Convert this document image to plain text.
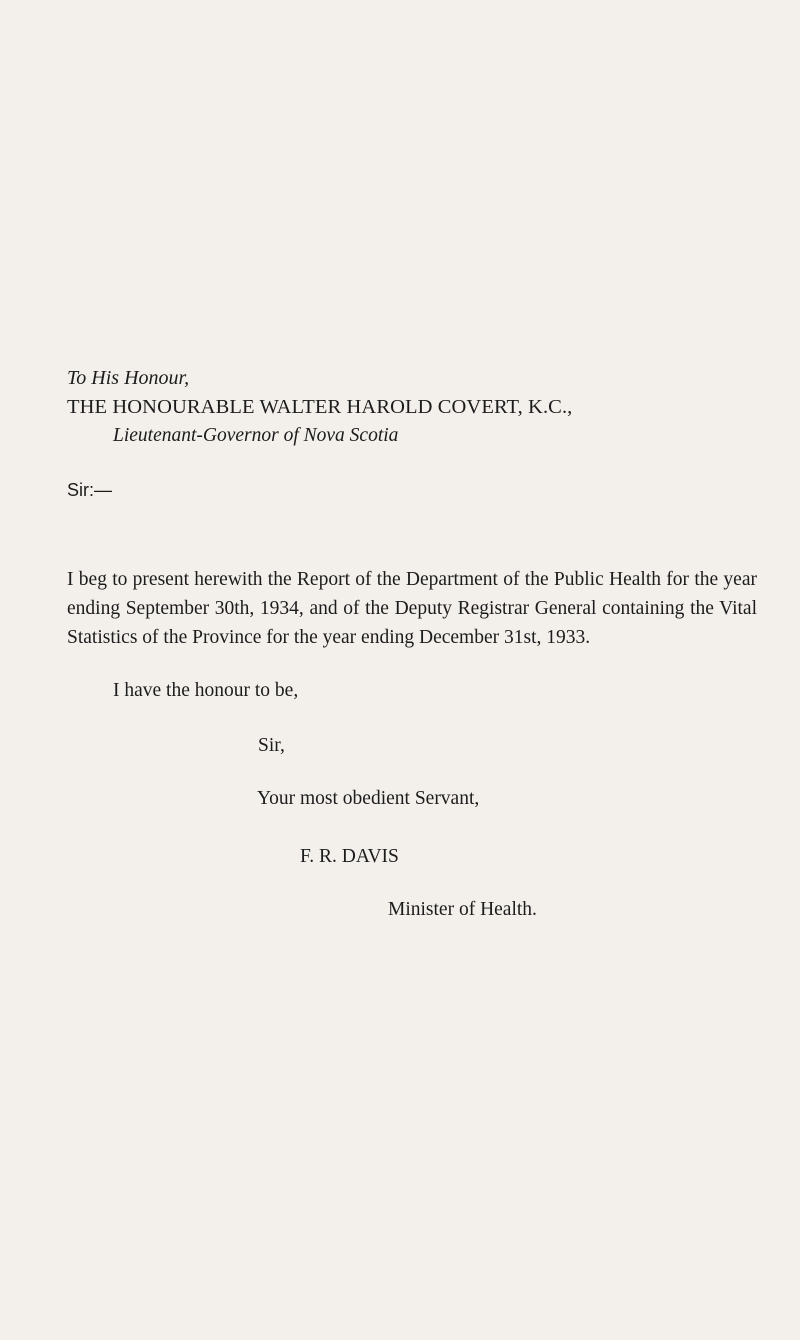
To His Honour,

THE HONOURABLE WALTER HAROLD COVERT, K.C.,

Lieutenant-Governor of Nova Scotia

Sir:—

I beg to present herewith the Report of the Department of the Public Health for the year ending September 30th, 1934, and of the Deputy Registrar General containing the Vital Statistics of the Province for the year ending December 31st, 1933.

I have the honour to be,

Sir,

Your most obedient Servant,

F. R. DAVIS

Minister of Health.
